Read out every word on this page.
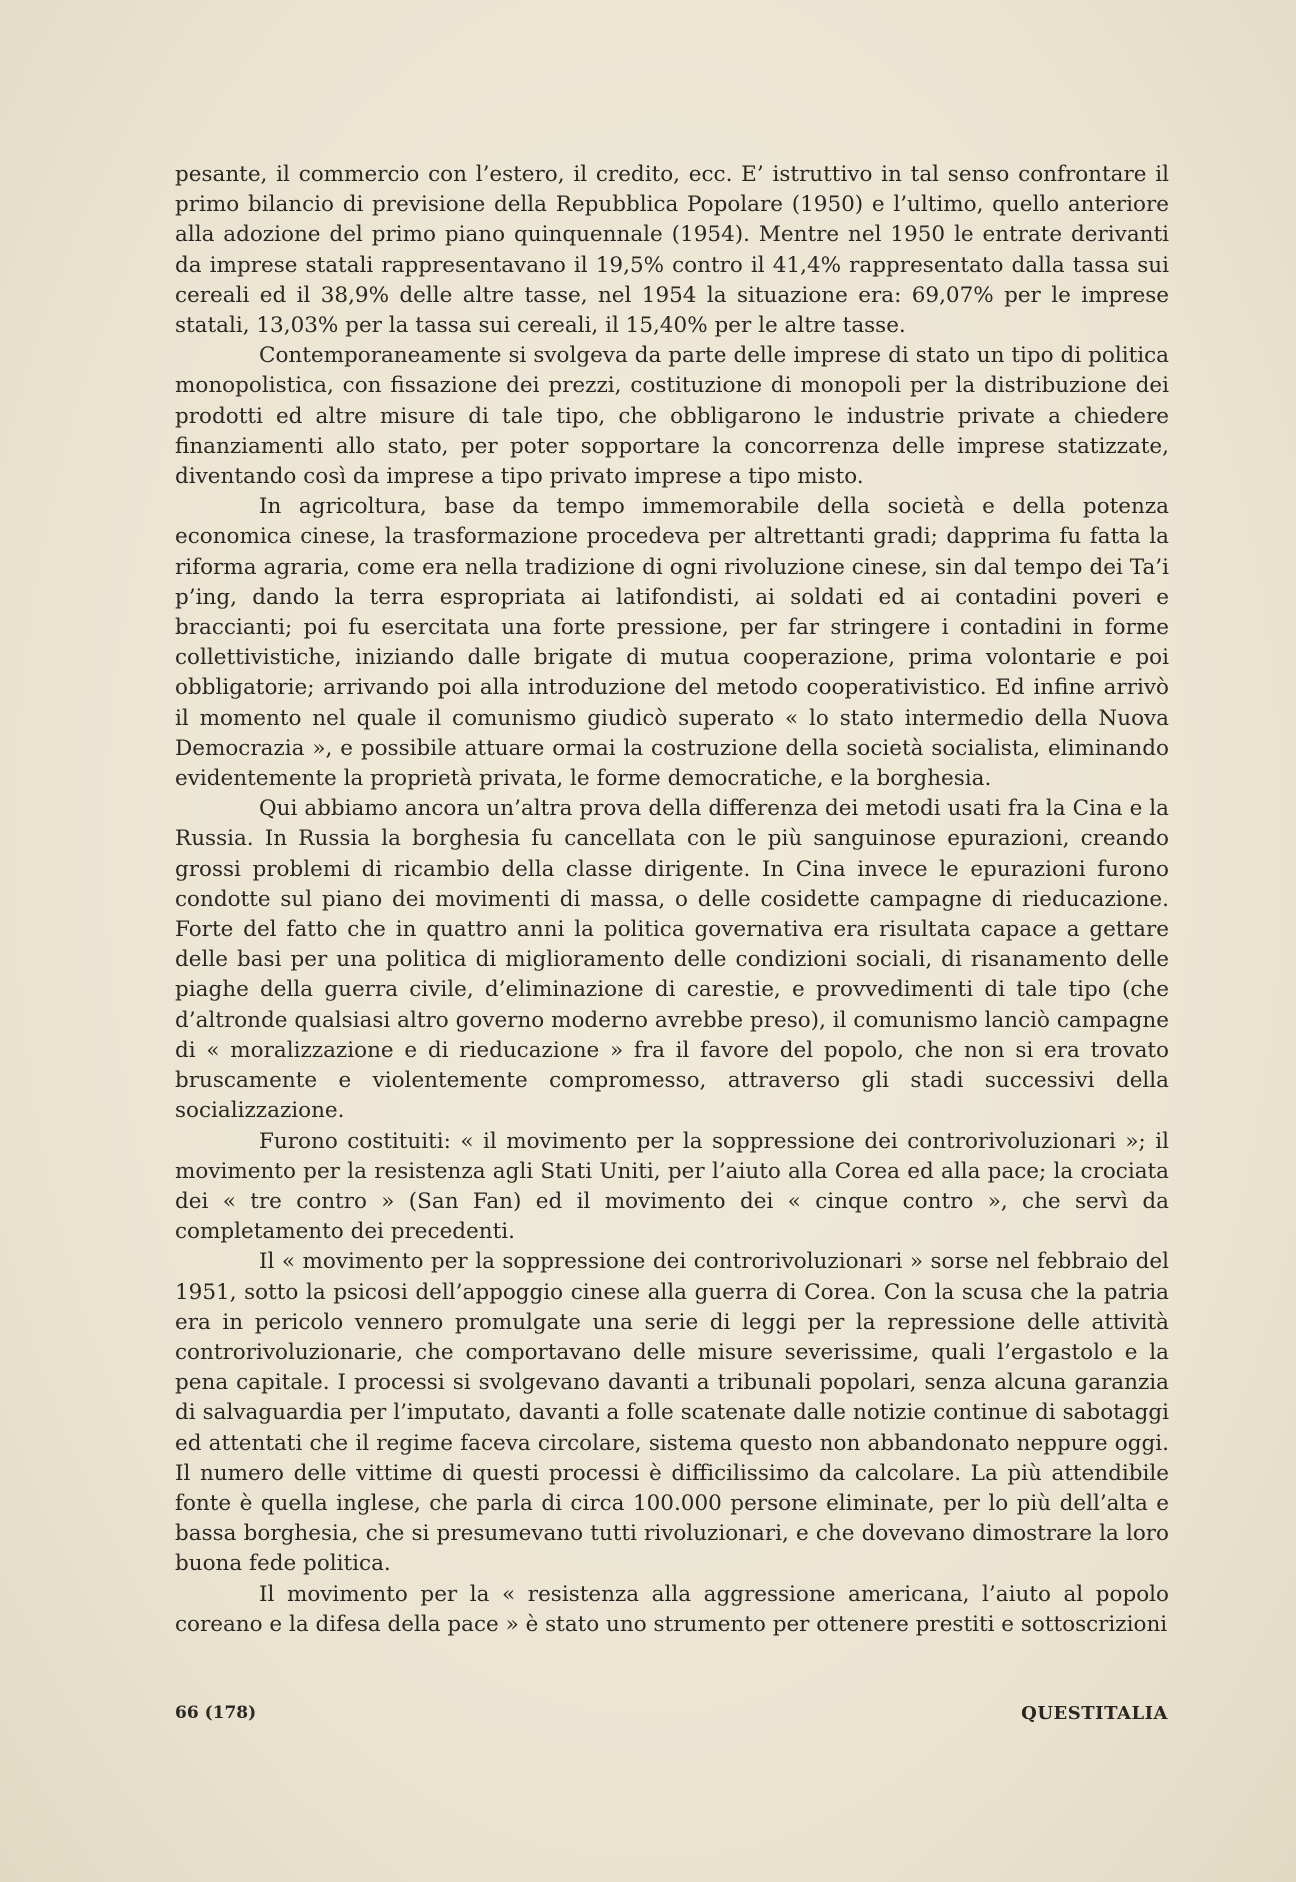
pesante, il commercio con l’estero, il credito, ecc. E’ istruttivo in tal senso confrontare il primo bilancio di previsione della Repubblica Popolare (1950) e l’ultimo, quello anteriore alla adozione del primo piano quinquennale (1954). Mentre nel 1950 le entrate derivanti da imprese statali rappresentavano il 19,5% contro il 41,4% rappresentato dalla tassa sui cereali ed il 38,9% delle altre tasse, nel 1954 la situazione era: 69,07% per le imprese statali, 13,03% per la tassa sui cereali, il 15,40% per le altre tasse.

Contemporaneamente si svolgeva da parte delle imprese di stato un tipo di politica monopolistica, con fissazione dei prezzi, costituzione di monopoli per la distribuzione dei prodotti ed altre misure di tale tipo, che obbligarono le industrie private a chiedere finanziamenti allo stato, per poter sopportare la concorrenza delle imprese statizzate, diventando così da imprese a tipo privato imprese a tipo misto.

In agricoltura, base da tempo immemorabile della società e della potenza economica cinese, la trasformazione procedeva per altrettanti gradi; dapprima fu fatta la riforma agraria, come era nella tradizione di ogni rivoluzione cinese, sin dal tempo dei Ta’i p’ing, dando la terra espropriata ai latifondisti, ai soldati ed ai contadini poveri e braccianti; poi fu esercitata una forte pressione, per far stringere i contadini in forme collettivistiche, iniziando dalle brigate di mutua cooperazione, prima volontarie e poi obbligatorie; arrivando poi alla introduzione del metodo cooperativistico. Ed infine arrivò il momento nel quale il comunismo giudicò superato « lo stato intermedio della Nuova Democrazia », e possibile attuare ormai la costruzione della società socialista, eliminando evidentemente la proprietà privata, le forme democratiche, e la borghesia.

Qui abbiamo ancora un’altra prova della differenza dei metodi usati fra la Cina e la Russia. In Russia la borghesia fu cancellata con le più sanguinose epurazioni, creando grossi problemi di ricambio della classe dirigente. In Cina invece le epurazioni furono condotte sul piano dei movimenti di massa, o delle cosidette campagne di rieducazione. Forte del fatto che in quattro anni la politica governativa era risultata capace a gettare delle basi per una politica di miglioramento delle condizioni sociali, di risanamento delle piaghe della guerra civile, d’eliminazione di carestie, e provvedimenti di tale tipo (che d’altronde qualsiasi altro governo moderno avrebbe preso), il comunismo lanciò campagne di « moralizzazione e di rieducazione » fra il favore del popolo, che non si era trovato bruscamente e violentemente compromesso, attraverso gli stadi successivi della socializzazione.

Furono costituiti: « il movimento per la soppressione dei controrivoluzionari »; il movimento per la resistenza agli Stati Uniti, per l’aiuto alla Corea ed alla pace; la crociata dei « tre contro » (San Fan) ed il movimento dei « cinque contro », che servì da completamento dei precedenti.

Il « movimento per la soppressione dei controrivoluzionari » sorse nel febbraio del 1951, sotto la psicosi dell’appoggio cinese alla guerra di Corea. Con la scusa che la patria era in pericolo vennero promulgate una serie di leggi per la repressione delle attività controrivoluzionarie, che comportavano delle misure severissime, quali l’ergastolo e la pena capitale. I processi si svolgevano davanti a tribunali popolari, senza alcuna garanzia di salvaguardia per l’imputato, davanti a folle scatenate dalle notizie continue di sabotaggi ed attentati che il regime faceva circolare, sistema questo non abbandonato neppure oggi. Il numero delle vittime di questi processi è difficilissimo da calcolare. La più attendibile fonte è quella inglese, che parla di circa 100.000 persone eliminate, per lo più dell’alta e bassa borghesia, che si presumevano tutti rivoluzionari, e che dovevano dimostrare la loro buona fede politica.

Il movimento per la « resistenza alla aggressione americana, l’aiuto al popolo coreano e la difesa della pace » è stato uno strumento per ottenere prestiti e sottoscrizioni

66 (178)	QUESTITALIA
